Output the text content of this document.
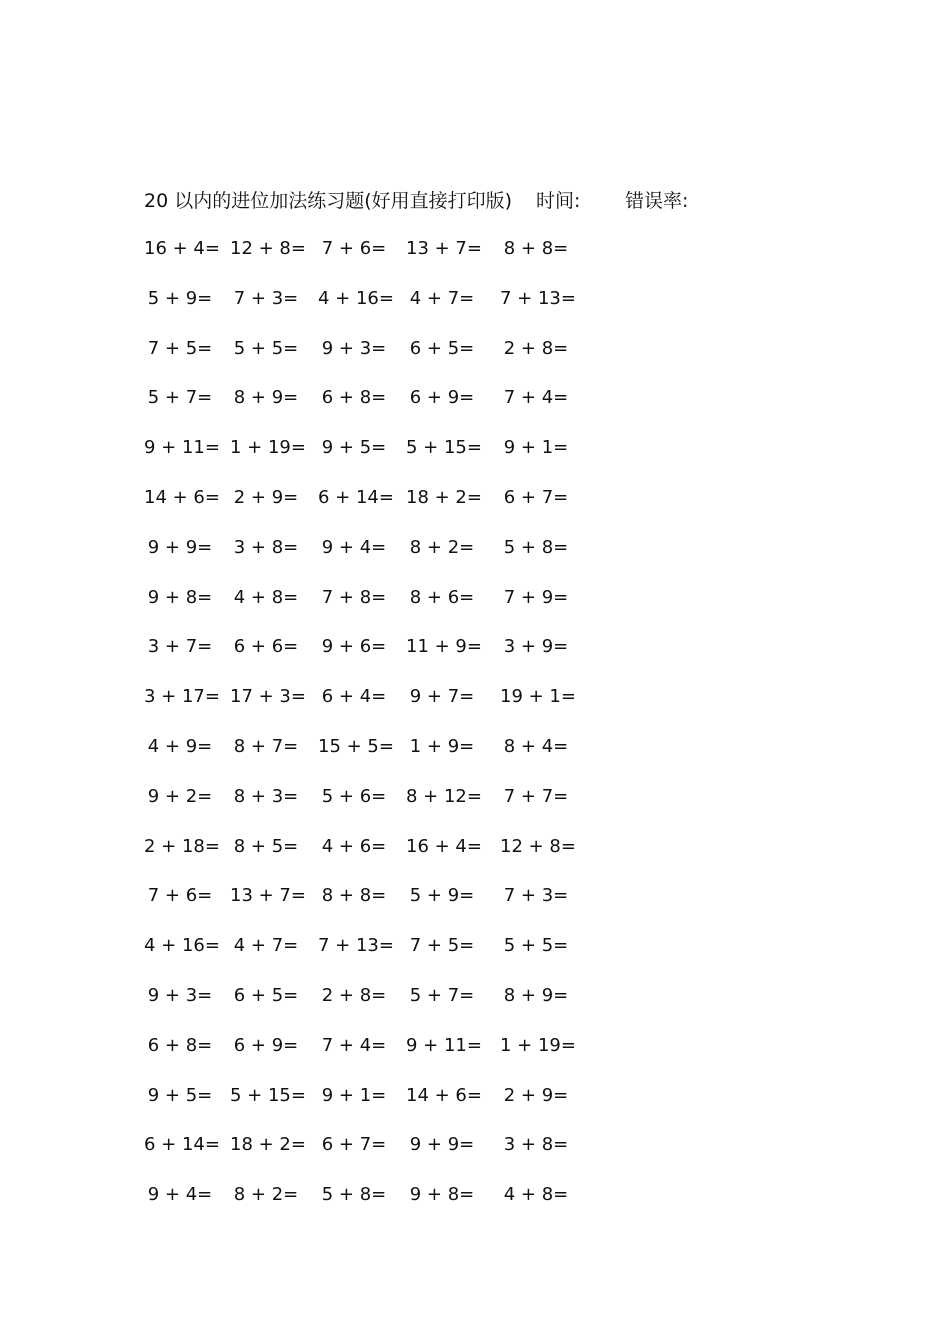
20 以内的进位加法练习题(好用直接打印版) 时间: 错误率:
16 + 4= 12 + 8= 7 + 6= 13 + 7= 8 + 8=
5 + 9= 7 + 3= 4 + 16= 4 + 7= 7 + 13=
7 + 5= 5 + 5= 9 + 3= 6 + 5= 2 + 8=
5 + 7= 8 + 9= 6 + 8= 6 + 9= 7 + 4=
9 + 11= 1 + 19= 9 + 5= 5 + 15= 9 + 1=
14 + 6= 2 + 9= 6 + 14= 18 + 2= 6 + 7=
9 + 9= 3 + 8= 9 + 4= 8 + 2= 5 + 8=
9 + 8= 4 + 8= 7 + 8= 8 + 6= 7 + 9=
3 + 7= 6 + 6= 9 + 6= 11 + 9= 3 + 9=
3 + 17= 17 + 3= 6 + 4= 9 + 7= 19 + 1=
4 + 9= 8 + 7= 15 + 5= 1 + 9= 8 + 4=
9 + 2= 8 + 3= 5 + 6= 8 + 12= 7 + 7=
2 + 18= 8 + 5= 4 + 6= 16 + 4= 12 + 8=
7 + 6= 13 + 7= 8 + 8= 5 + 9= 7 + 3=
4 + 16= 4 + 7= 7 + 13= 7 + 5= 5 + 5=
9 + 3= 6 + 5= 2 + 8= 5 + 7= 8 + 9=
6 + 8= 6 + 9= 7 + 4= 9 + 11= 1 + 19=
9 + 5= 5 + 15= 9 + 1= 14 + 6= 2 + 9=
6 + 14= 18 + 2= 6 + 7= 9 + 9= 3 + 8=
9 + 4= 8 + 2= 5 + 8= 9 + 8= 4 + 8=
